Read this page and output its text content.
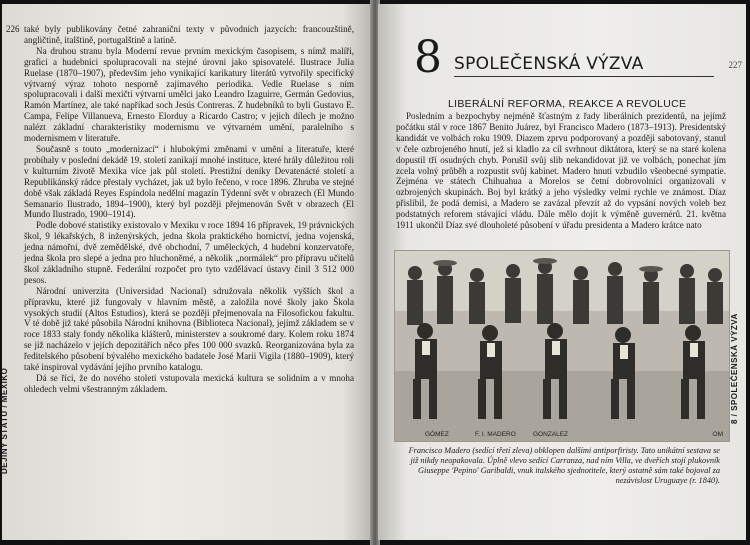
226
DĚJINY STÁTU / MEXIKO

také byly publikovány četné zahraniční texty v původních jazycích: francouzštině, angličtině, italštině, portugalštině a latině.

Na druhou stranu byla Moderní revue prvním mexickým časopisem, s nímž malíři, grafici a hudebníci spolupracovali na stejné úrovni jako spisovatelé. Ilustrace Julia Ruelase (1870–1907), především jeho vynikající karikatury literátů vytvořily specifický výtvarný výraz tohoto nesporně zajímavého periodika. Vedle Ruelase s ním spolupracovali i další mexičtí výtvarní umělci jako Leandro Izaguirre, Germán Gedovius, Ramón Martínez, ale také napříkad soch Jesús Contreras. Z hudebníků to byli Gustavo E. Campa, Felipe Villanueva, Ernesto Elorduy a Ricardo Castro; v jejich dílech je možno nalézt základní charakteristiky modernismu ve výtvarném umění, paralelního s modernismem v literatuře.

Současně s touto „modernizací“ i hlubokými změnami v umění a literatuře, které probíhaly v poslední dekádě 19. století zanikají mnohé instituce, které hrály důležitou roli v kulturním životě Mexika více jak půl století. Prestižní deníky Devatenácté století a Republikánský rádce přestaly vycházet, jak už bylo řečeno, v roce 1896. Zhruba ve stejné době však základá Reyes Espíndola nedělní magazín Týdenní svět v obrazech (El Mundo Semanario Ilustrado, 1894–1900), který byl později přejmenován Svět v obrazech (El Mundo Ilustrado, 1900–1914).

Podle dobové statistiky existovalo v Mexiku v roce 1894 16 přípravek, 19 právnických škol, 9 lékařských, 8 inženýrských, jedna škola praktického hornictví, jedna vojenská, jedna námořní, dvě zemědělské, dvě obchodní, 7 uměleckých, 4 hudební konzervatoře, jedna škola pro slepé a jedna pro hluchoněmé, a několik „normálek“ pro přípravu učitelů škol základního stupně. Federální rozpočet pro tyto vzdělávací ústavy činil 3 512 000 pesos.

Národní univerzita (Universidad Nacional) sdružovala několik vyšších škol a přípravku, které již fungovaly v hlavním městě, a založila nové školy jako Škola vysokých studií (Altos Estudios), která se později přejmenovala na Filosofickou fakultu. V té době již také působila Národní knihovna (Biblioteca Nacional), jejímž základem se v roce 1833 staly fondy několika klášterů, ministerstev a soukromé dary. Kolem roku 1874 se již nacházelo v jejích depozitářích něco přes 100 000 svazků. Reorganizována byla za ředitelského působení bývalého mexického badatele José Marii Vigila (1880–1909), který také inspiroval vydávání jejího prvního katalogu.

Dá se říci, že do nového století vstupovala mexická kultura se solidním a v mnoha ohledech velmi všestranným základem.

227
8 / SPOLEČENSKÁ VÝZVA
8 SPOLEČENSKÁ VÝZVA
LIBERÁLNÍ REFORMA, REAKCE A REVOLUCE

Posledním a bezpochyby nejméně šťastným z řady liberálních prezidentů, na jejímž počátku stál v roce 1867 Benito Juárez, byl Francisco Madero (1873–1913). Presidentský kandidát ve volbách roku 1909. Diazem zprvu podporovaný a později sabotovaný, stanul v čele ozbrojeného hnutí, jež si kladlo za cíl svrhnout diktátora, který se na staré kolena dopustil tří osudných chyb. Porušil svůj slib nekandidovat již ve volbách, ponechat jím zcela volný průběh a rozpustit svůj kabinet. Madero hnutí vzbudilo všeobecné sympatie. Zejména ve státech Chihuahua a Morelos se četní dobrovolníci organizovali v ozbrojených skupinách. Boj byl krátký a jeho výsledky velmi rychle ve známost. Díaz přislíbil, že podá demisi, a Madero se zavázal převzít až do vypsání nových voleb bez podstatných reforem stávající vládu. Dále mělo dojít k výměně guvernérů. 21. května 1911 ukončil Díaz své dlouholeté působení v úřadu presidenta a Madero krátce nato

GÓMEZ	F. I. MADERO	GONZALEZ	OM
Francisco Madero (sedící třetí zleva) obklopen dalšími antiporfiristy. Tato unikátní sestava se již nikdy neopakovala. Úplně vlevo sedící Carranza, nad ním Villa, ve dveřích stojí plukovník Giuseppe 'Pepino' Garibaldi, vnuk italského sjednotitele, který ostatně sám také bojoval za nezávislost Uruguaye (r. 1840).
